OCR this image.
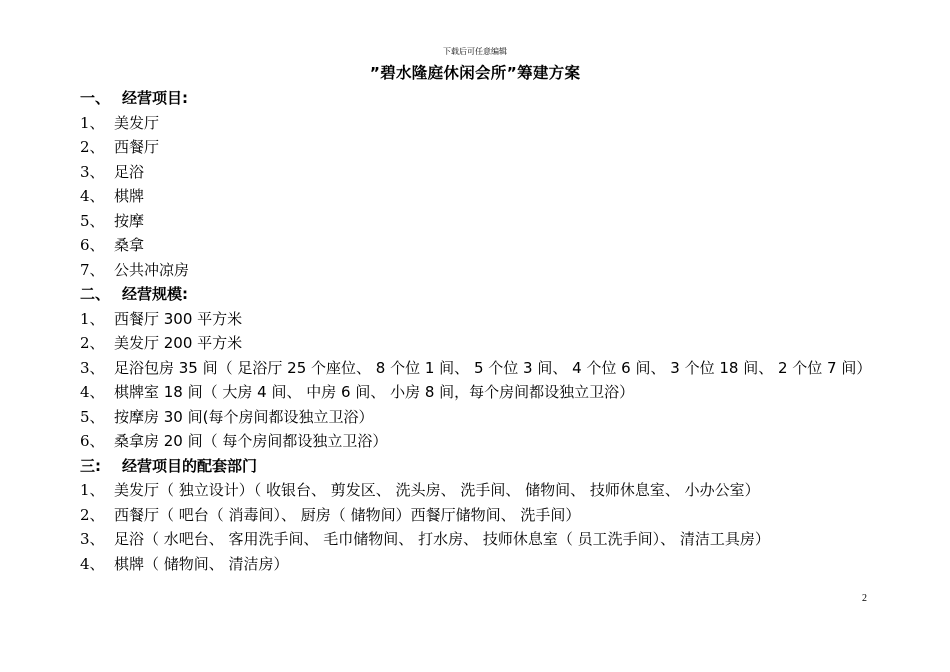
下载后可任意编辑
”碧水隆庭休闲会所”筹建方案
一、 经营项目:
1、 美发厅
2、 西餐厅
3、 足浴
4、 棋牌
5、 按摩
6、 桑拿
7、 公共冲凉房
二、 经营规模:
1、 西餐厅 300 平方米
2、 美发厅 200 平方米
3、 足浴包房 35 间（ 足浴厅 25 个座位、 8 个位 1 间、 5 个位 3 间、 4 个位 6 间、 3 个位 18 间、 2 个位 7 间）
4、 棋牌室 18 间（ 大房 4 间、 中房 6 间、 小房 8 间，每个房间都设独立卫浴）
5、 按摩房 30 间(每个房间都设独立卫浴）
6、 桑拿房 20 间（ 每个房间都设独立卫浴）
三:	经营项目的配套部门
1、 美发厅（ 独立设计）（ 收银台、 剪发区、 洗头房、 洗手间、 储物间、 技师休息室、 小办公室）
2、 西餐厅（ 吧台（ 消毒间）、 厨房（ 储物间）西餐厅储物间、 洗手间）
3、 足浴（ 水吧台、 客用洗手间、 毛巾储物间、 打水房、 技师休息室（ 员工洗手间）、 清洁工具房）
4、 棋牌（ 储物间、 清洁房）
2
